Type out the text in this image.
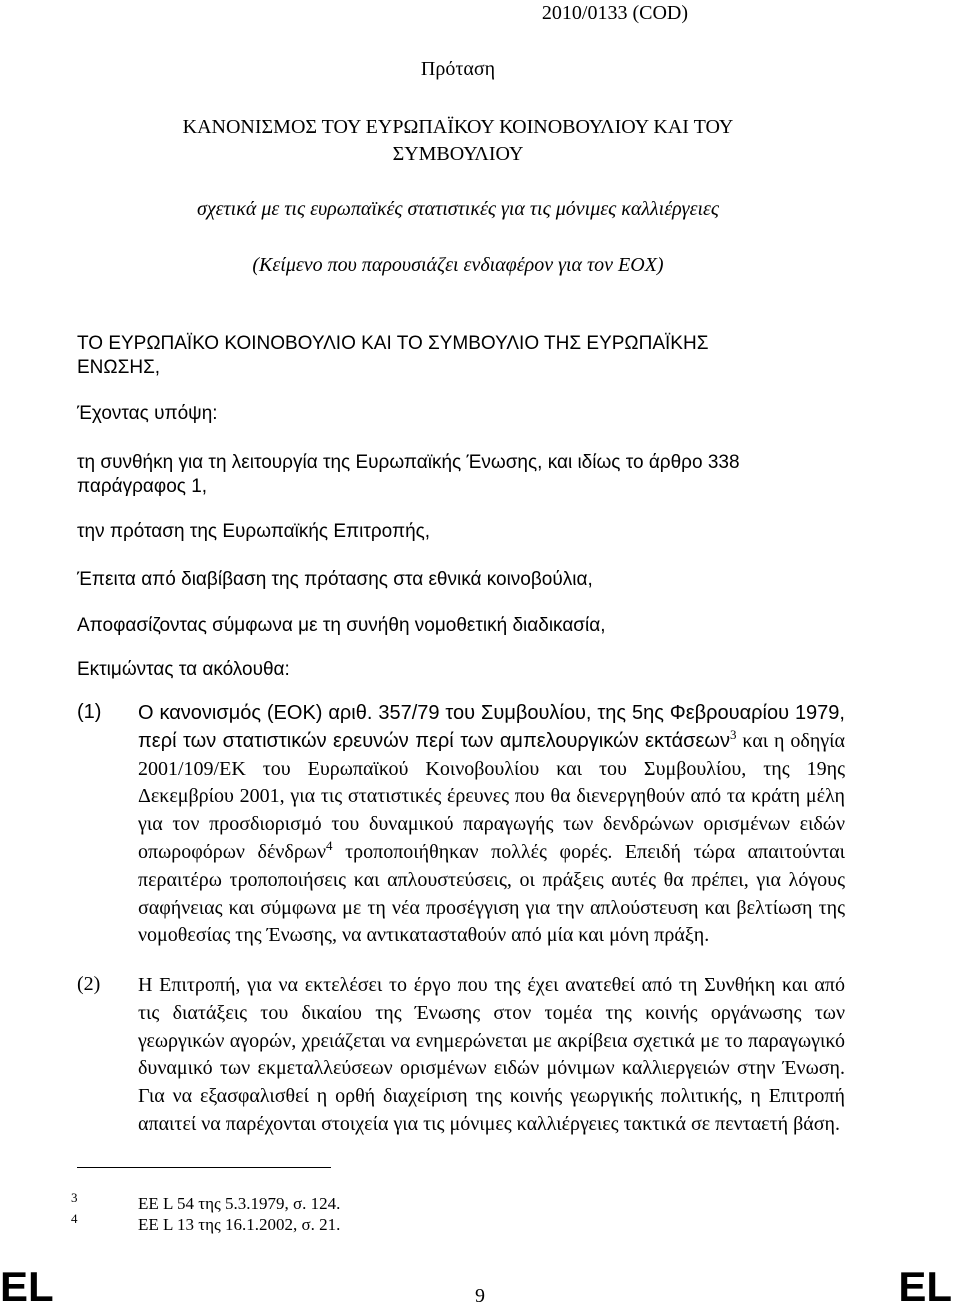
2010/0133 (COD)
Πρόταση
ΚΑΝΟΝΙΣΜΟΣ ΤΟΥ ΕΥΡΩΠΑΪΚΟΥ ΚΟΙΝΟΒΟΥΛΙΟΥ ΚΑΙ ΤΟΥ ΣΥΜΒΟΥΛΙΟΥ
σχετικά με τις ευρωπαϊκές στατιστικές για τις μόνιμες καλλιέργειες
(Κείμενο που παρουσιάζει ενδιαφέρον για τον ΕΟΧ)
ΤΟ ΕΥΡΩΠΑΪΚΟ ΚΟΙΝΟΒΟΥΛΙΟ ΚΑΙ ΤΟ ΣΥΜΒΟΥΛΙΟ ΤΗΣ ΕΥΡΩΠΑΪΚΗΣ
ΕΝΩΣΗΣ,
Έχοντας υπόψη:
τη συνθήκη για τη λειτουργία της Ευρωπαϊκής Ένωσης, και ιδίως το άρθρο 338
παράγραφος 1,
την πρόταση της Ευρωπαϊκής Επιτροπής,
Έπειτα από διαβίβαση της πρότασης στα εθνικά κοινοβούλια,
Αποφασίζοντας σύμφωνα με τη συνήθη νομοθετική διαδικασία,
Εκτιμώντας τα ακόλουθα:
(1) Ο κανονισμός (ΕΟΚ) αριθ. 357/79 του Συμβουλίου, της 5ης Φεβρουαρίου 1979, περί των στατιστικών ερευνών περί των αμπελουργικών εκτάσεων$^3$ και η οδηγία 2001/109/ΕΚ του Ευρωπαϊκού Κοινοβουλίου και του Συμβουλίου, της 19ης Δεκεμβρίου 2001, για τις στατιστικές έρευνες που θα διενεργηθούν από τα κράτη μέλη για τον προσδιορισμό του δυναμικού παραγωγής των δενδρώνων ορισμένων ειδών οπωροφόρων δένδρων$^4$ τροποποιήθηκαν πολλές φορές. Επειδή τώρα απαιτούνται περαιτέρω τροποποιήσεις και απλουστεύσεις, οι πράξεις αυτές θα πρέπει, για λόγους σαφήνειας και σύμφωνα με τη νέα προσέγγιση για την απλούστευση και βελτίωση της νομοθεσίας της Ένωσης, να αντικατασταθούν από μία και μόνη πράξη.

(2) Η Επιτροπή, για να εκτελέσει το έργο που της έχει ανατεθεί από τη Συνθήκη και από τις διατάξεις του δικαίου της Ένωσης στον τομέα της κοινής οργάνωσης των γεωργικών αγορών, χρειάζεται να ενημερώνεται με ακρίβεια σχετικά με το παραγωγικό δυναμικό των εκμεταλλεύσεων ορισμένων ειδών μόνιμων καλλιεργειών στην Ένωση. Για να εξασφαλισθεί η ορθή διαχείριση της κοινής γεωργικής πολιτικής, η Επιτροπή απαιτεί να παρέχονται στοιχεία για τις μόνιμες καλλιέργειες τακτικά σε πενταετή βάση.

3	ΕΕ L 54 της 5.3.1979, σ. 124.
4	ΕΕ L 13 της 16.1.2002, σ. 21.
EL	9	EL
